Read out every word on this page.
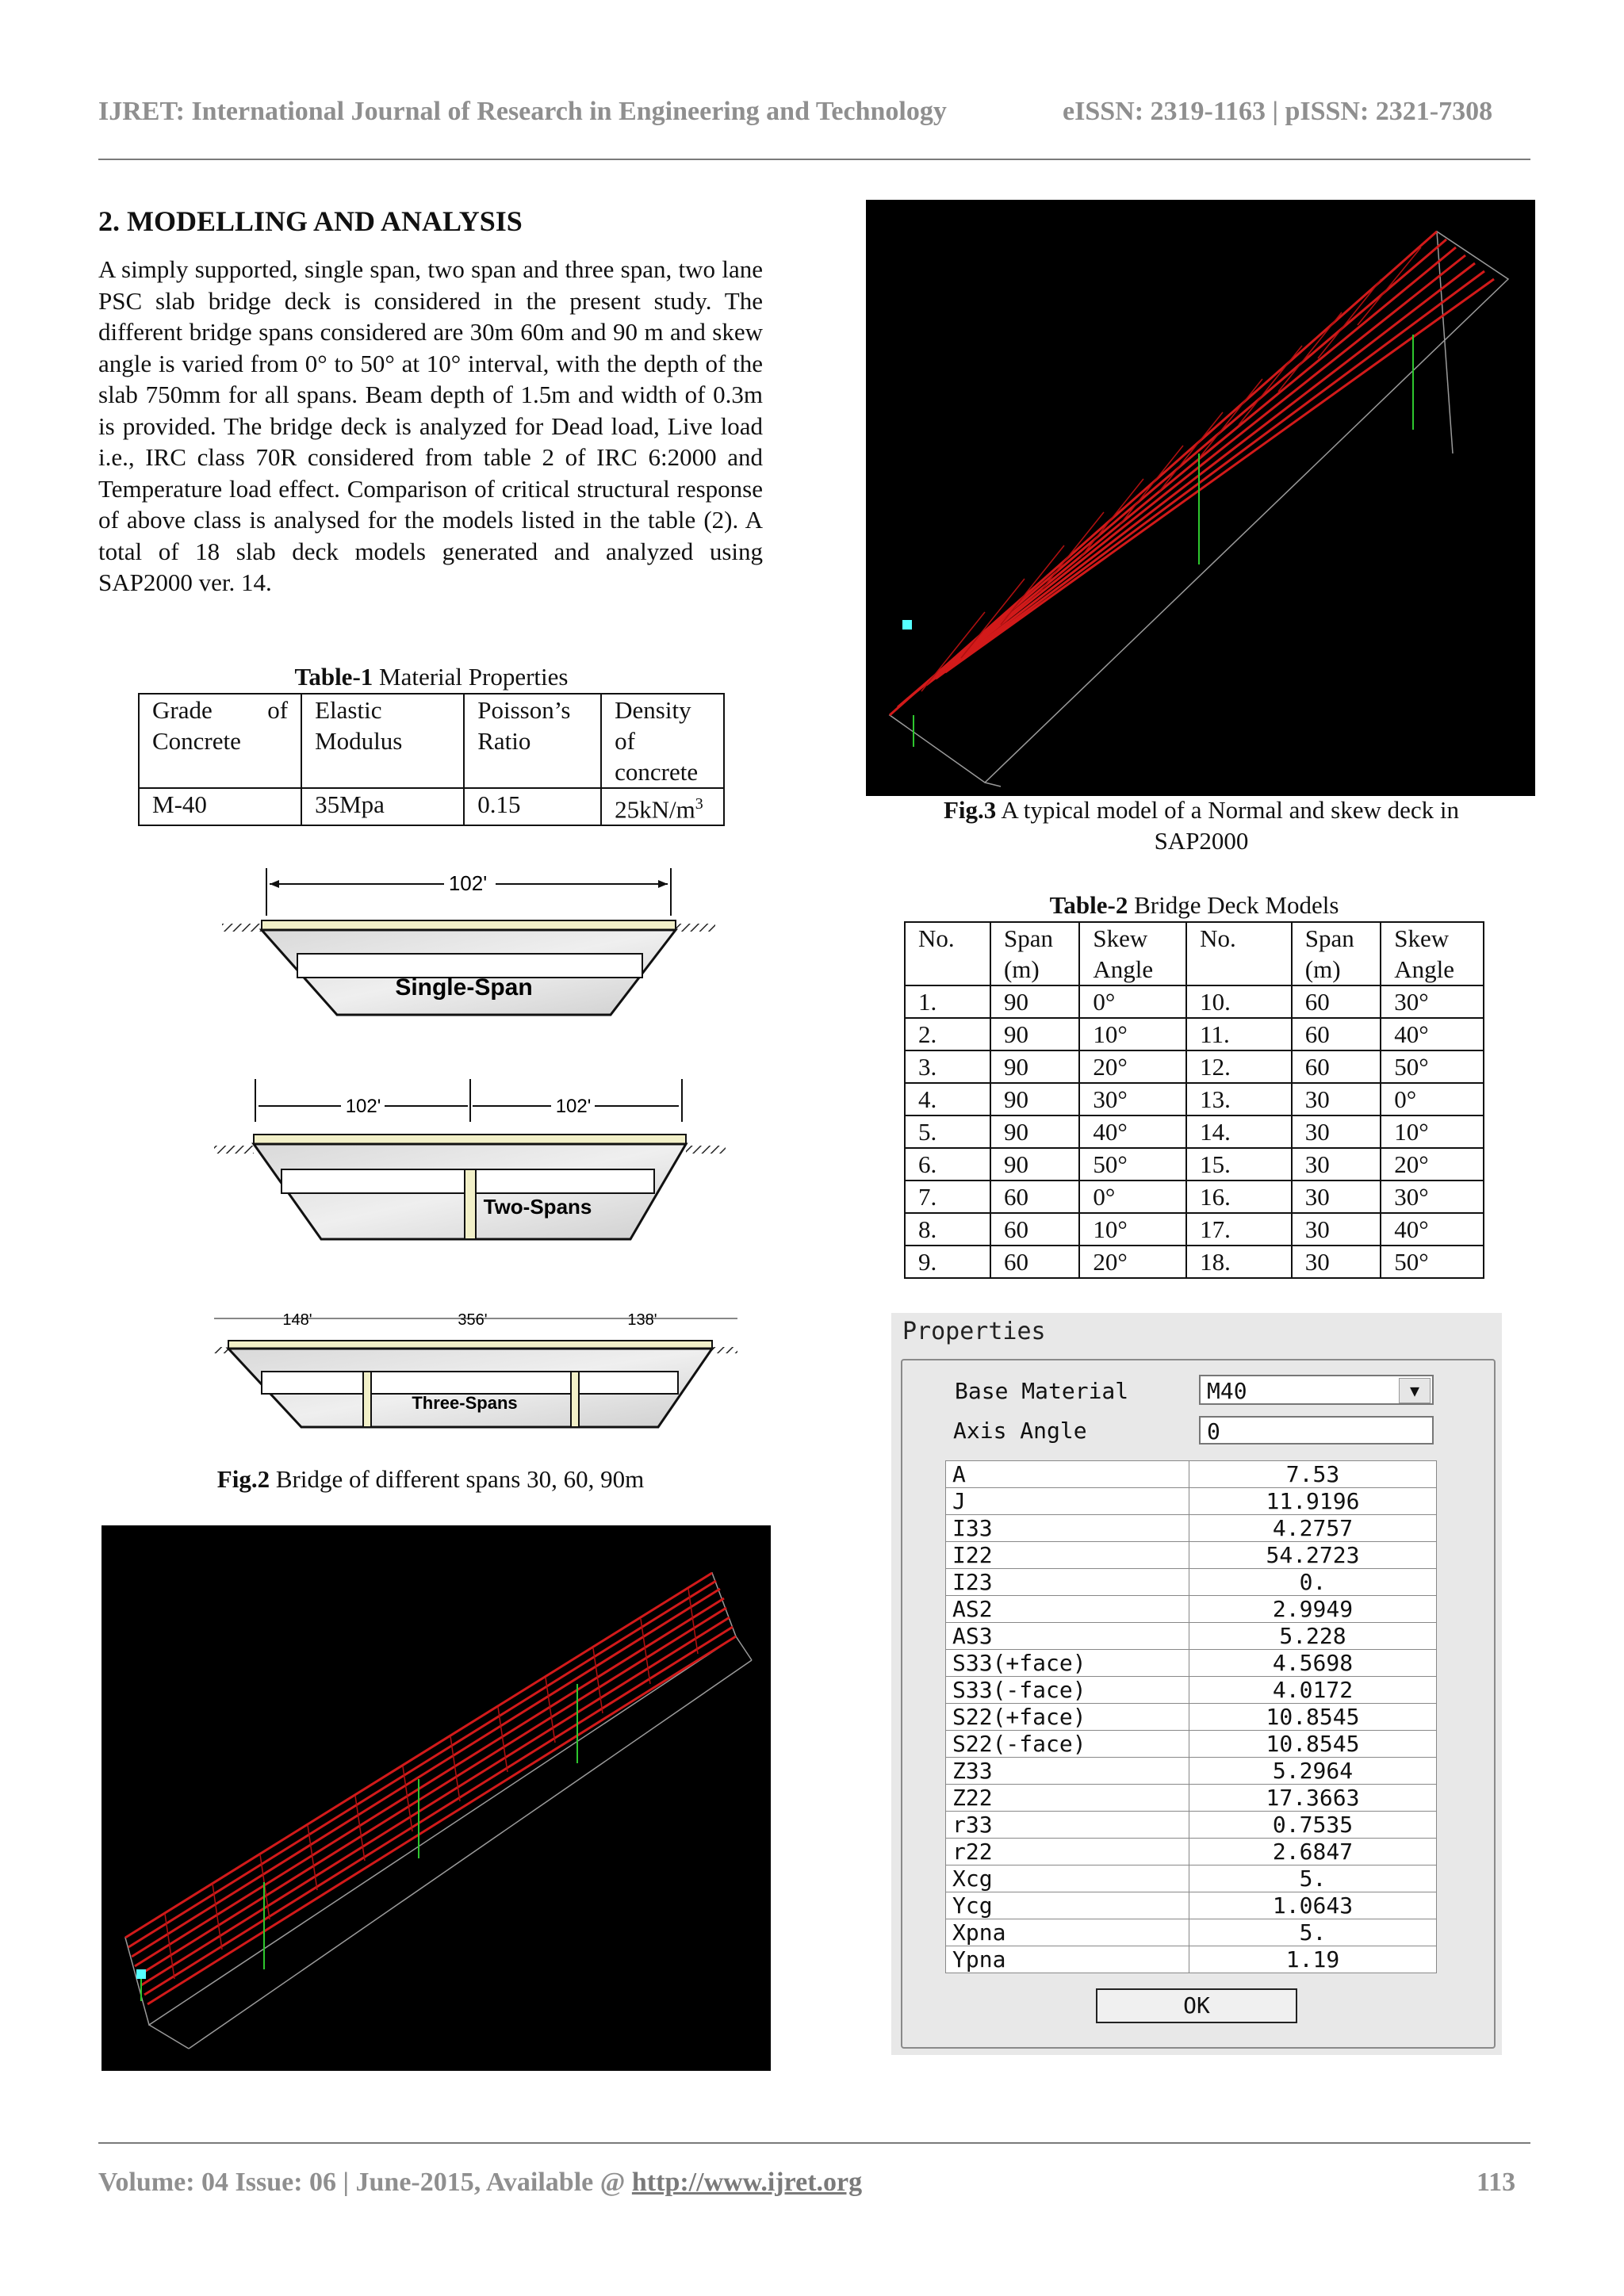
IJRET: International Journal of Research in Engineering and Technology	eISSN: 2319-1163 | pISSN: 2321-7308
2. MODELLING AND ANALYSIS

A simply supported, single span, two span and three span, two lane PSC slab bridge deck is considered in the present study. The different bridge spans considered are 30m 60m and 90 m and skew angle is varied from 0° to 50° at 10° interval, with the depth of the slab 750mm for all spans. Beam depth of 1.5m and width of 0.3m is provided. The bridge deck is analyzed for Dead load, Live load i.e., IRC class 70R considered from table 2 of IRC 6:2000 and Temperature load effect. Comparison of critical structural response of above class is analysed for the models listed in the table (2). A total of 18 slab deck models generated and analyzed using SAP2000 ver. 14.

Table-1 Material Properties
Grade of Concrete	Elastic Modulus	Poisson’s Ratio	Density of concrete
M-40	35Mpa	0.15	$25kN/m^3$
102'
Single-Span
102'	102'
Two-Spans
148'	356'	138'
Three-Spans
Fig.2 Bridge of different spans 30, 60, 90m
Fig.3 A typical model of a Normal and skew deck in SAP2000
Table-2 Bridge Deck Models
No.	Span (m)	Skew Angle	No.	Span (m)	Skew Angle
1.	90	0°	10.	60	30°
2.	90	10°	11.	60	40°
3.	90	20°	12.	60	50°
4.	90	30°	13.	30	0°
5.	90	40°	14.	30	10°
6.	90	50°	15.	30	20°
7.	60	0°	16.	30	30°
8.	60	10°	17.	30	40°
9.	60	20°	18.	30	50°
Properties
Base Material	M40	▼
Axis Angle	0
A	7.53
J	11.9196
I33	4.2757
I22	54.2723
I23	0.
AS2	2.9949
AS3	5.228
S33(+face)	4.5698
S33(-face)	4.0172
S22(+face)	10.8545
S22(-face)	10.8545
Z33	5.2964
Z22	17.3663
r33	0.7535
r22	2.6847
Xcg	5.
Ycg	1.0643
Xpna	5.
Ypna	1.19
OK
Volume: 04 Issue: 06 | June-2015, Available @ http://www.ijret.org	113
